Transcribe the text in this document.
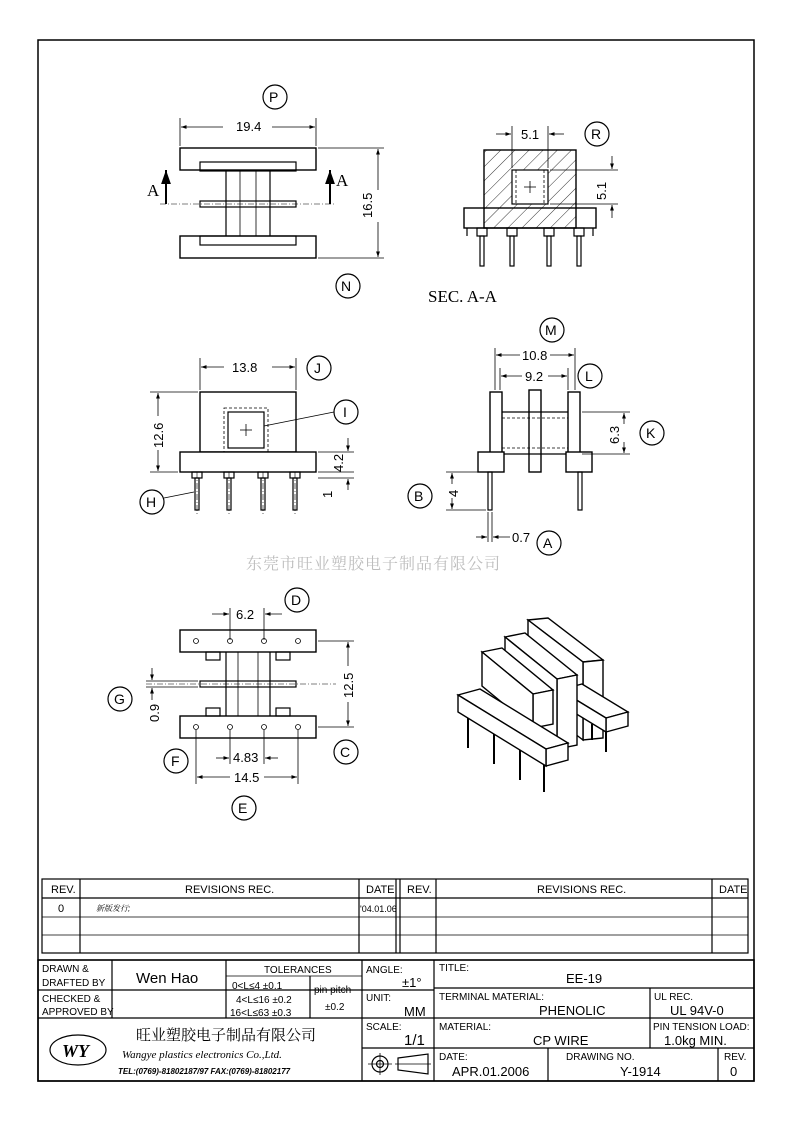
A
A
19.4
16.5
P
N
5.1
5.1
R
SEC. A-A
13.8
12.6
4.2
1
J
I
H
10.8
9.2
6.3
4
0.7
M
L
K
B
A
东莞市旺业塑胶电子制品有限公司
6.2
0.9
12.5
4.83
14.5
D
G
F
C
E
REV.	REVISIONS REC.	DATE REV.	REVISIONS REC.	DATE
0	新版发行;	'04.01.06
DRAWN &
DRAFTED BY Wen Hao
CHECKED &
APPROVED BY
TOLERANCES
0<L≤4 ±0.1
4<L≤16 ±0.2
16<L≤63 ±0.3
pin pitch
±0.2
ANGLE:
±1°
UNIT:
MM
SCALE:
1/1
TITLE:
EE-19
TERMINAL MATERIAL:
PHENOLIC
UL REC.
UL 94V-0
MATERIAL:
CP WIRE
PIN TENSION LOAD:
1.0kg MIN.
DATE:
APR.01.2006
DRAWING NO.
Y-1914
REV.
0
WY
旺业塑胶电子制品有限公司
Wangye plastics electronics Co.,Ltd.
TEL:(0769)-81802187/97 FAX:(0769)-81802177
